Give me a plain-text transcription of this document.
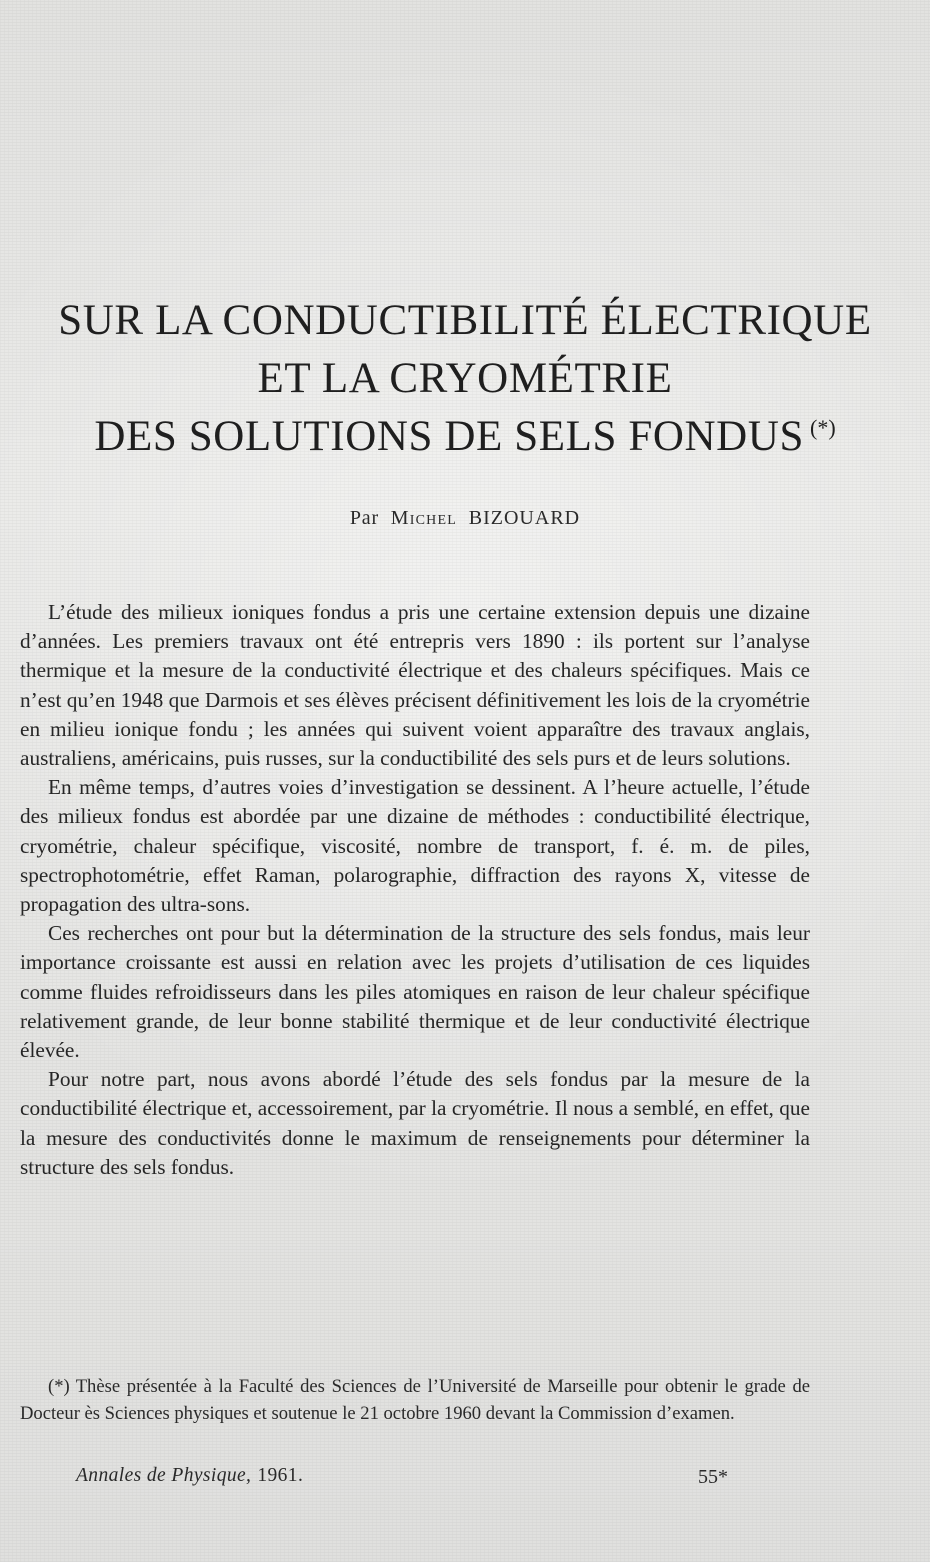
SUR LA CONDUCTIBILITÉ ÉLECTRIQUE
ET LA CRYOMÉTRIE
DES SOLUTIONS DE SELS FONDUS (*)
Par Michel BIZOUARD

L’étude des milieux ioniques fondus a pris une certaine extension depuis une dizaine d’années. Les premiers travaux ont été entrepris vers 1890 : ils portent sur l’analyse thermique et la mesure de la conductivité électrique et des chaleurs spécifiques. Mais ce n’est qu’en 1948 que Darmois et ses élèves précisent définitivement les lois de la cryométrie en milieu ionique fondu ; les années qui suivent voient apparaître des travaux anglais, australiens, américains, puis russes, sur la conductibilité des sels purs et de leurs solutions.

En même temps, d’autres voies d’investigation se dessinent. A l’heure actuelle, l’étude des milieux fondus est abordée par une dizaine de méthodes : conductibilité électrique, cryométrie, chaleur spécifique, viscosité, nombre de transport, f. é. m. de piles, spectrophotométrie, effet Raman, polarographie, diffraction des rayons X, vitesse de propagation des ultra-sons.

Ces recherches ont pour but la détermination de la structure des sels fondus, mais leur importance croissante est aussi en relation avec les projets d’utilisation de ces liquides comme fluides refroidisseurs dans les piles atomiques en raison de leur chaleur spécifique relativement grande, de leur bonne stabilité thermique et de leur conductivité électrique élevée.

Pour notre part, nous avons abordé l’étude des sels fondus par la mesure de la conductibilité électrique et, accessoirement, par la cryométrie. Il nous a semblé, en effet, que la mesure des conductivités donne le maximum de renseignements pour déterminer la structure des sels fondus.

(*) Thèse présentée à la Faculté des Sciences de l’Université de Marseille pour obtenir le grade de Docteur ès Sciences physiques et soutenue le 21 octobre 1960 devant la Commission d’examen.
Annales de Physique, 1961.	55*
